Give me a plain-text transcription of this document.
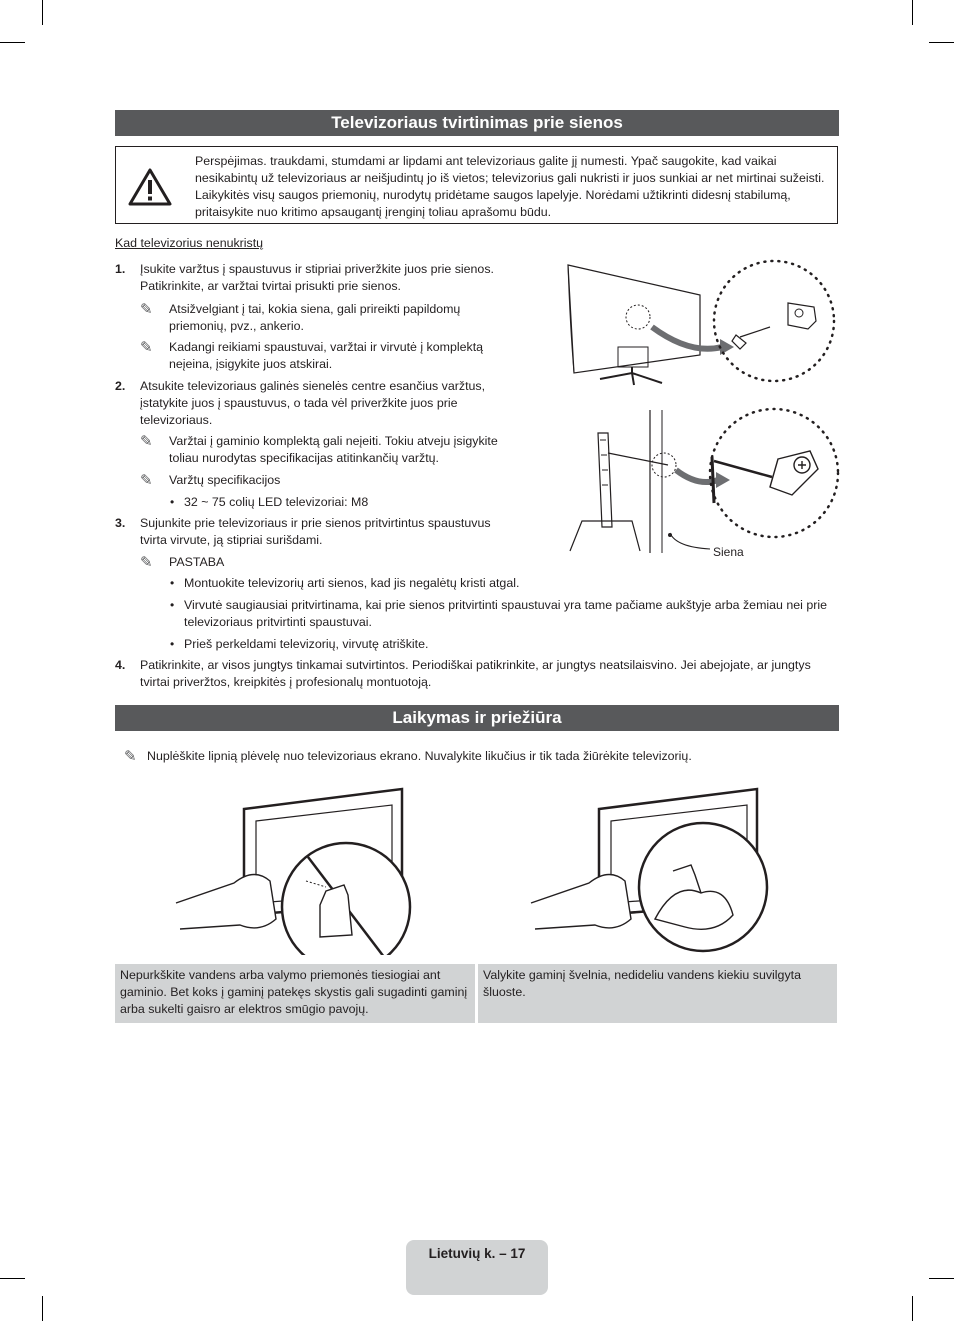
Televizoriaus tvirtinimas prie sienos
Perspėjimas. traukdami, stumdami ar lipdami ant televizoriaus galite jį numesti. Ypač saugokite, kad vaikai nesikabintų už televizoriaus ar neišjudintų jo iš vietos; televizorius gali nukristi ir juos sunkiai ar net mirtinai sužeisti. Laikykitės visų saugos priemonių, nurodytų pridėtame saugos lapelyje. Norėdami užtikrinti didesnį stabilumą, pritaisykite nuo kritimo apsaugantį įrenginį toliau aprašomu būdu.
Kad televizorius nenukristų
1. Įsukite varžtus į spaustuvus ir stipriai priveržkite juos prie sienos. Patikrinkite, ar varžtai tvirtai prisukti prie sienos.
✎ Atsižvelgiant į tai, kokia siena, gali prireikti papildomų priemonių, pvz., ankerio.
✎ Kadangi reikiami spaustuvai, varžtai ir virvutė į komplektą neįeina, įsigykite juos atskirai.
2. Atsukite televizoriaus galinės sienelės centre esančius varžtus, įstatykite juos į spaustuvus, o tada vėl priveržkite juos prie televizoriaus.
✎ Varžtai į gaminio komplektą gali neįeiti. Tokiu atveju įsigykite toliau nurodytas specifikacijas atitinkančių varžtų.
✎ Varžtų specifikacijos
• 32 ~ 75 colių LED televizoriai: M8
3. Sujunkite prie televizoriaus ir prie sienos pritvirtintus spaustuvus tvirta virvute, ją stipriai surišdami.
✎ PASTABA
• Montuokite televizorių arti sienos, kad jis negalėtų kristi atgal.
• Virvutė saugiausiai pritvirtinama, kai prie sienos pritvirtinti spaustuvai yra tame pačiame aukštyje arba žemiau nei prie televizoriaus pritvirtinti spaustuvai.
• Prieš perkeldami televizorių, virvutę atriškite.
4. Patikrinkite, ar visos jungtys tinkamai sutvirtintos. Periodiškai patikrinkite, ar jungtys neatsilaisvino. Jei abejojate, ar jungtys tvirtai priveržtos, kreipkitės į profesionalų montuotoją.
Siena
Laikymas ir priežiūra
✎ Nuplėškite lipnią plėvelę nuo televizoriaus ekrano. Nuvalykite likučius ir tik tada žiūrėkite televizorių.
Nepurkškite vandens arba valymo priemonės tiesiogiai ant gaminio. Bet koks į gaminį patekęs skystis gali sugadinti gaminį arba sukelti gaisro ar elektros smūgio pavojų.
Valykite gaminį švelnia, nedideliu vandens kiekiu suvilgyta šluoste.
Lietuvių k. – 17
